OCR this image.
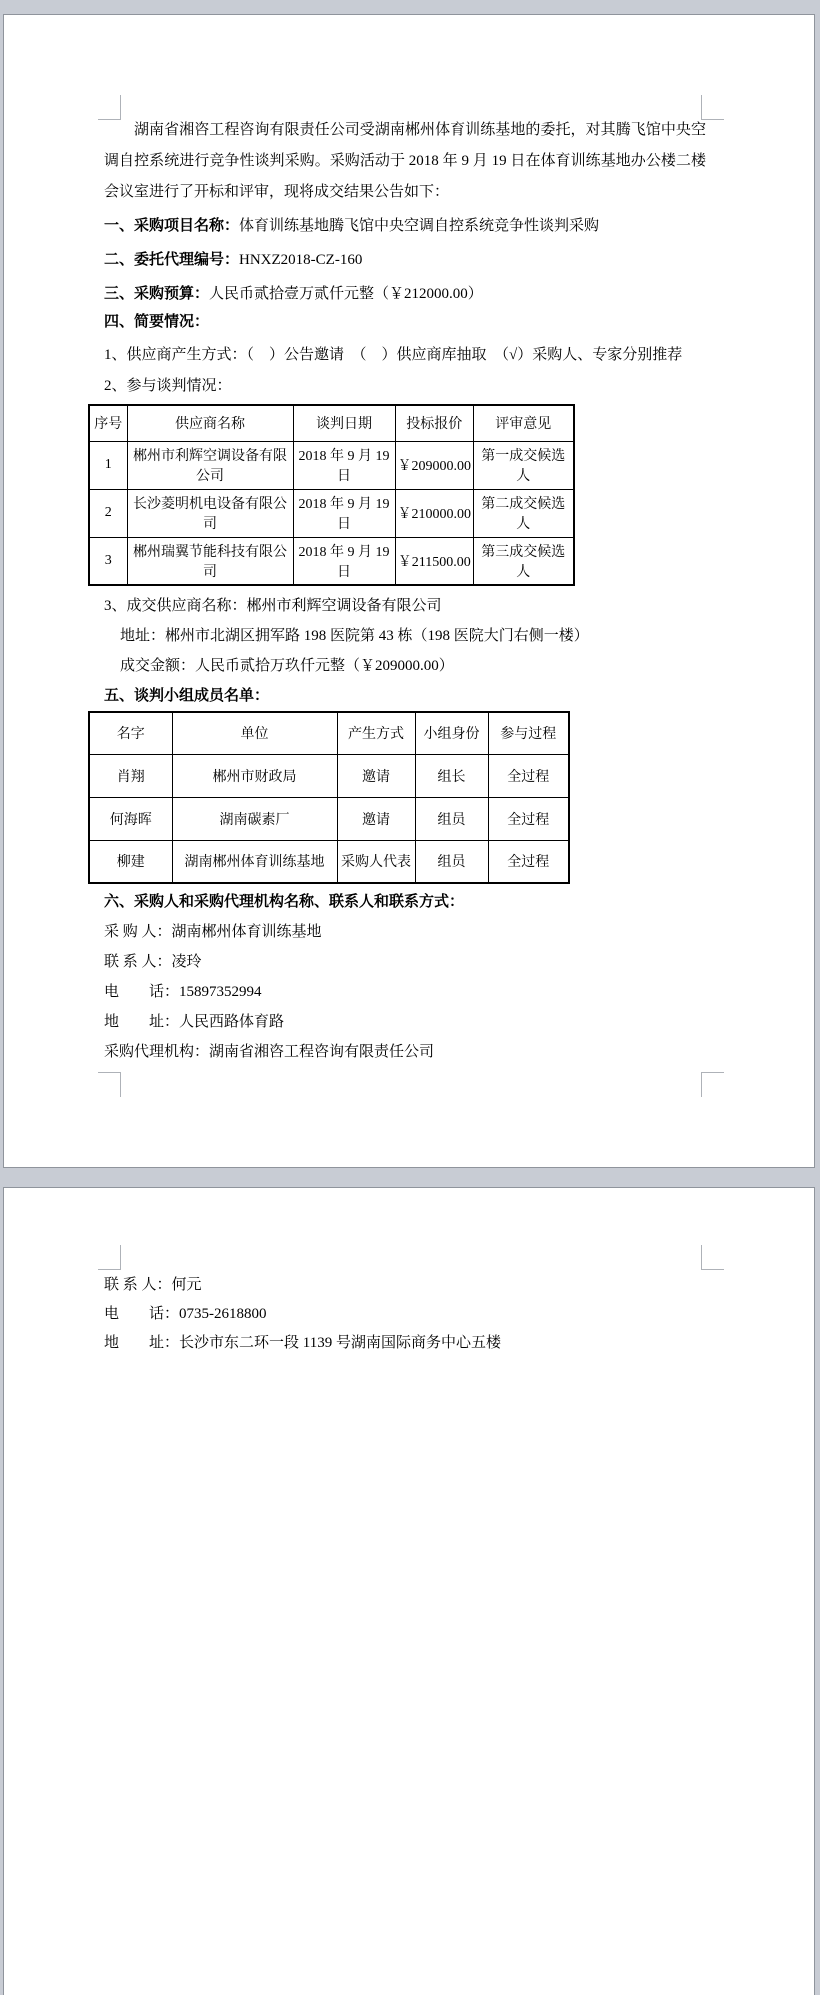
湖南省湘咨工程咨询有限责任公司受湖南郴州体育训练基地的委托，对其腾飞馆中央空调自控系统进行竞争性谈判采购。采购活动于 2018 年 9 月 19 日在体育训练基地办公楼二楼会议室进行了开标和评审，现将成交结果公告如下：

一、采购项目名称：体育训练基地腾飞馆中央空调自控系统竞争性谈判采购

二、委托代理编号：HNXZ2018-CZ-160

三、采购预算：人民币贰拾壹万贰仟元整（￥212000.00）

四、简要情况：

1、供应商产生方式：（　）公告邀请　（　）供应商库抽取　（√）采购人、专家分别推荐

2、参与谈判情况：

序号	供应商名称	谈判日期	投标报价	评审意见
1	郴州市利辉空调设备有限公司	2018 年 9 月 19 日	￥209000.00	第一成交候选人
2	长沙菱明机电设备有限公司	2018 年 9 月 19 日	￥210000.00	第二成交候选人
3	郴州瑞翼节能科技有限公司	2018 年 9 月 19 日	￥211500.00	第三成交候选人

3、成交供应商名称：郴州市利辉空调设备有限公司

地址：郴州市北湖区拥军路 198 医院第 43 栋（198 医院大门右侧一楼）

成交金额：人民币贰拾万玖仟元整（￥209000.00）

五、谈判小组成员名单：

名字	单位	产生方式	小组身份	参与过程
肖翔	郴州市财政局	邀请	组长	全过程
何海晖	湖南碳素厂	邀请	组员	全过程
柳建	湖南郴州体育训练基地	采购人代表	组员	全过程

六、采购人和采购代理机构名称、联系人和联系方式：

采 购 人：湖南郴州体育训练基地

联 系 人：凌玲

电　　话：15897352994

地　　址：人民西路体育路

采购代理机构：湖南省湘咨工程咨询有限责任公司

联 系 人：何元

电　　话：0735-2618800

地　　址：长沙市东二环一段 1139 号湖南国际商务中心五楼
